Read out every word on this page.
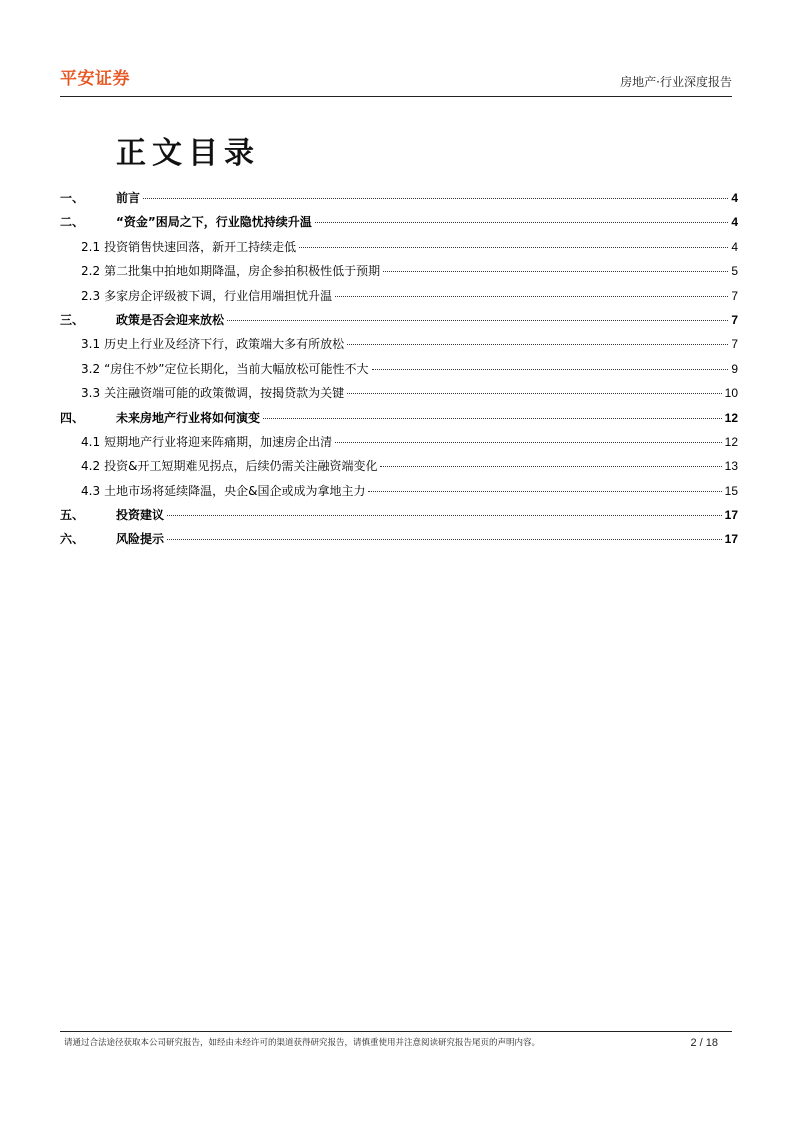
平安证券	房地产·行业深度报告
正文目录
一、	前言	4
二、	“资金”困局之下，行业隐忧持续升温	4
2.1 投资销售快速回落，新开工持续走低	4
2.2 第二批集中拍地如期降温，房企参拍积极性低于预期	5
2.3 多家房企评级被下调，行业信用端担忧升温	7
三、	政策是否会迎来放松	7
3.1 历史上行业及经济下行，政策端大多有所放松	7
3.2 “房住不炒”定位长期化，当前大幅放松可能性不大	9
3.3 关注融资端可能的政策微调，按揭贷款为关键	10
四、	未来房地产行业将如何演变	12
4.1 短期地产行业将迎来阵痛期，加速房企出清	12
4.2 投资&开工短期难见拐点，后续仍需关注融资端变化	13
4.3 土地市场将延续降温，央企&国企或成为拿地主力	15
五、	投资建议	17
六、	风险提示	17
请通过合法途径获取本公司研究报告，如经由未经许可的渠道获得研究报告，请慎重使用并注意阅读研究报告尾页的声明内容。	2 / 18
